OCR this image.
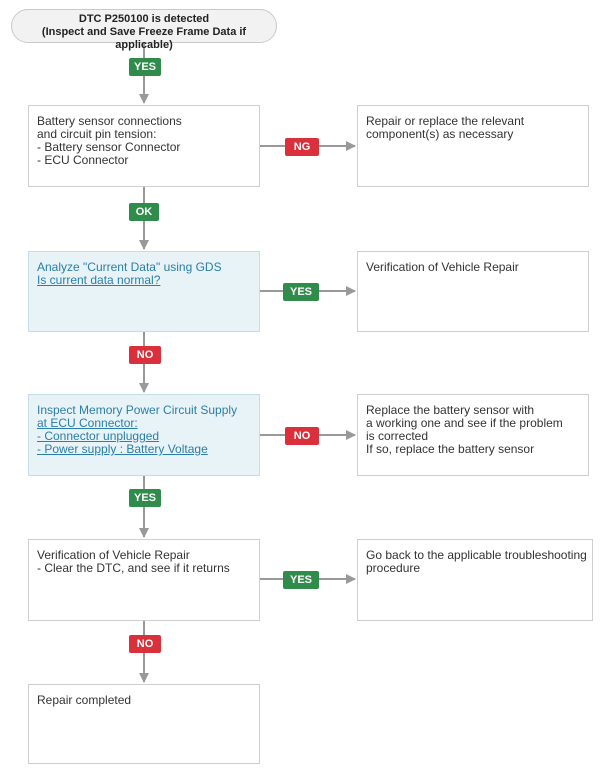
DTC P250100 is detected
(Inspect and Save Freeze Frame Data if applicable)
YES
Battery sensor connections
and circuit pin tension:
- Battery sensor Connector
- ECU Connector
NG
Repair or replace the relevant
component(s) as necessary
OK
Analyze "Current Data" using GDS
Is current data normal?
YES
Verification of Vehicle Repair
NO
Inspect Memory Power Circuit Supply
at ECU Connector:
- Connector unplugged
- Power supply : Battery Voltage
NO
Replace the battery sensor with
a working one and see if the problem
is corrected
If so, replace the battery sensor
YES
Verification of Vehicle Repair
- Clear the DTC, and see if it returns
YES
Go back to the applicable troubleshooting
procedure
NO
Repair completed
